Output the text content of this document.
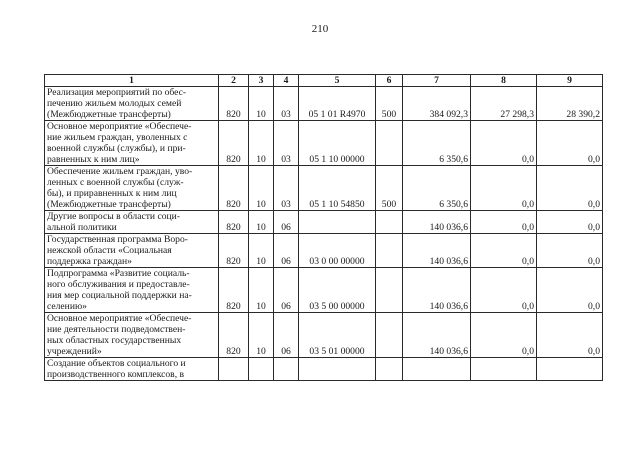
210
1	2	3	4	5	6	7	8	9

Реализация мероприятий по обес-
печению жильем молодых семей
(Межбюджетные трансферты)	820	10	03	05 1 01 R4970	500	384 092,3	27 298,3	28 390,2

Основное мероприятие «Обеспече-
ние жильем граждан, уволенных с
военной службы (службы), и при-
равненных к ним лиц»	820	10	03	05 1 10 00000		6 350,6	0,0	0,0

Обеспечение жильем граждан, уво-
ленных с военной службы (служ-
бы), и приравненных к ним лиц
(Межбюджетные трансферты)	820	10	03	05 1 10 54850	500	6 350,6	0,0	0,0

Другие вопросы в области соци-
альной политики	820	10	06			140 036,6	0,0	0,0

Государственная программа Воро-
нежской области «Социальная
поддержка граждан»	820	10	06	03 0 00 00000		140 036,6	0,0	0,0

Подпрограмма «Развитие социаль-
ного обслуживания и предоставле-
ния мер социальной поддержки на-
селению»	820	10	06	03 5 00 00000		140 036,6	0,0	0,0

Основное мероприятие «Обеспече-
ние деятельности подведомствен-
ных областных государственных
учреждений»	820	10	06	03 5 01 00000		140 036,6	0,0	0,0

Создание объектов социального и
производственного комплексов, в								
